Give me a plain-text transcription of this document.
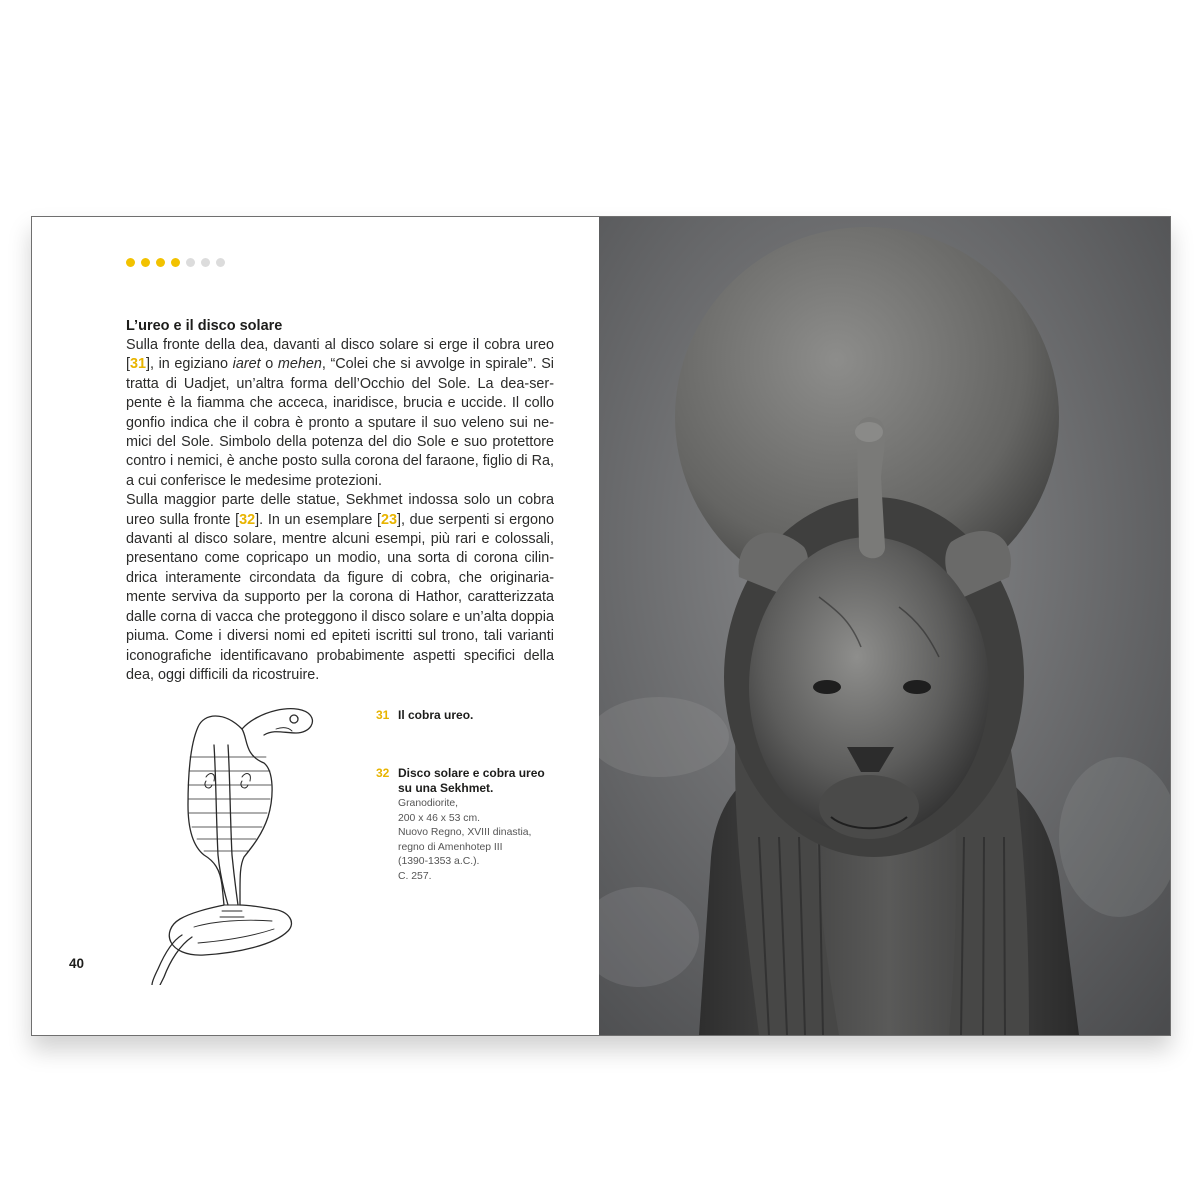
L’ureo e il disco solare

Sulla fronte della dea, davanti al disco solare si erge il cobra ureo [31], in egiziano iaret o mehen, “Colei che si avvolge in spirale”. Si tratta di Uadjet, un’altra forma dell’Occhio del Sole. La dea-serpente è la fiamma che acceca, inaridisce, brucia e uccide. Il collo gonfio indica che il cobra è pronto a sputare il suo veleno sui nemici del Sole. Simbolo della potenza del dio Sole e suo protettore contro i nemici, è anche posto sulla corona del faraone, figlio di Ra, a cui conferisce le medesime protezioni.

Sulla maggior parte delle statue, Sekhmet indossa solo un cobra ureo sulla fronte [32]. In un esemplare [23], due serpenti si ergono davanti al disco solare, mentre alcuni esempi, più rari e colossali, presentano come copricapo un modio, una sorta di corona cilindrica interamente circondata da figure di cobra, che originariamente serviva da supporto per la corona di Hathor, caratterizzata dalle corna di vacca che proteggono il disco solare e un’alta doppia piuma. Come i diversi nomi ed epiteti iscritti sul trono, tali varianti iconografiche identificavano probabimente aspetti specifici della dea, oggi difficili da ricostruire.

31 Il cobra ureo.
32 Disco solare e cobra ureo su una Sekhmet.
Granodiorite,
200 x 46 x 53 cm.
Nuovo Regno, XVIII dinastia,
regno di Amenhotep III
(1390-1353 a.C.).
C. 257.
40
